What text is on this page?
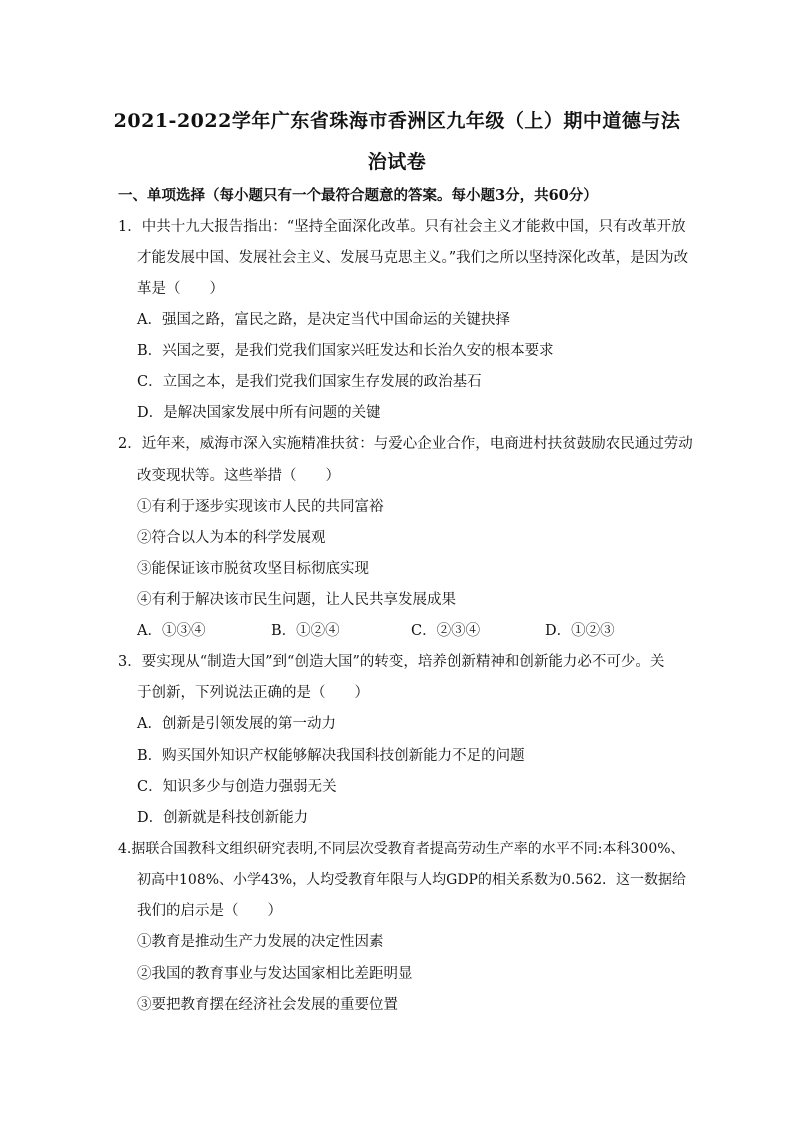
2021-2022学年广东省珠海市香洲区九年级（上）期中道德与法
治试卷
一、单项选择（每小题只有一个最符合题意的答案。每小题3分，共60分）
1．中共十九大报告指出：“坚持全面深化改革。只有社会主义才能救中国，只有改革开放
才能发展中国、发展社会主义、发展马克思主义。”我们之所以坚持深化改革，是因为改
革是（　　）
A．强国之路，富民之路，是决定当代中国命运的关键抉择
B．兴国之要，是我们党我们国家兴旺发达和长治久安的根本要求
C．立国之本，是我们党我们国家生存发展的政治基石
D．是解决国家发展中所有问题的关键
2．近年来，威海市深入实施精准扶贫：与爱心企业合作，电商进村扶贫鼓励农民通过劳动
改变现状等。这些举措（　　）
①有利于逐步实现该市人民的共同富裕
②符合以人为本的科学发展观
③能保证该市脱贫攻坚目标彻底实现
④有利于解决该市民生问题，让人民共享发展成果
A．①③④	B．①②④	C．②③④	D．①②③
3．要实现从“制造大国”到“创造大国”的转变，培养创新精神和创新能力必不可少。关
于创新，下列说法正确的是（　　）
A．创新是引领发展的第一动力
B．购买国外知识产权能够解决我国科技创新能力不足的问题
C．知识多少与创造力强弱无关
D．创新就是科技创新能力
4.据联合国教科文组织研究表明,不同层次受教育者提高劳动生产率的水平不同:本科300%、
初高中108%、小学43%，人均受教育年限与人均GDP的相关系数为0.562．这一数据给
我们的启示是（　　）
①教育是推动生产力发展的决定性因素
②我国的教育事业与发达国家相比差距明显
③要把教育摆在经济社会发展的重要位置
